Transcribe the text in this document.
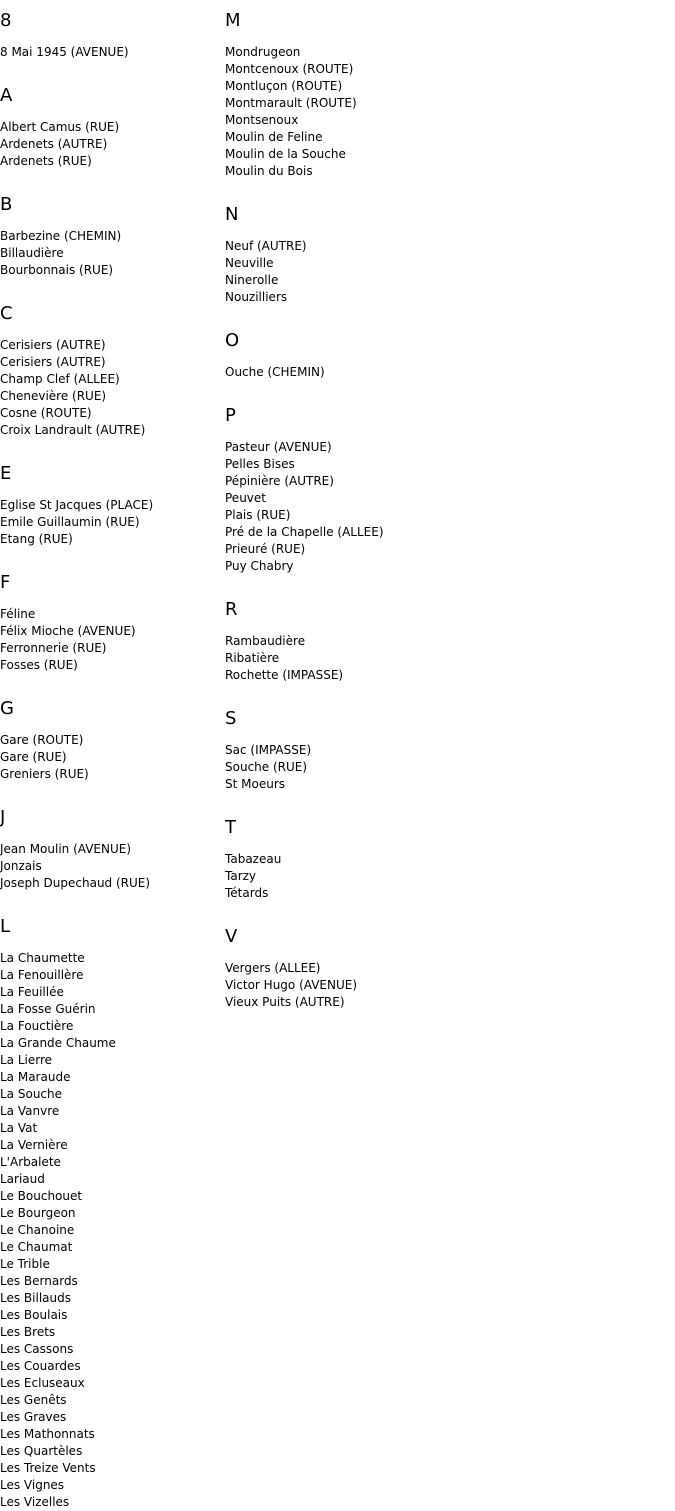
8
8 Mai 1945 (AVENUE)
A
Albert Camus (RUE)
Ardenets (AUTRE)
Ardenets (RUE)
B
Barbezine (CHEMIN)
Billaudière
Bourbonnais (RUE)
C
Cerisiers (AUTRE)
Cerisiers (AUTRE)
Champ Clef (ALLEE)
Chenevière (RUE)
Cosne (ROUTE)
Croix Landrault (AUTRE)
E
Eglise St Jacques (PLACE)
Emile Guillaumin (RUE)
Etang (RUE)
F
Féline
Félix Mioche (AVENUE)
Ferronnerie (RUE)
Fosses (RUE)
G
Gare (ROUTE)
Gare (RUE)
Greniers (RUE)
J
Jean Moulin (AVENUE)
Jonzais
Joseph Dupechaud (RUE)
L
La Chaumette
La Fenouillère
La Feuillée
La Fosse Guérin
La Fouctière
La Grande Chaume
La Lierre
La Maraude
La Souche
La Vanvre
La Vat
La Vernière
L'Arbalete
Lariaud
Le Bouchouet
Le Bourgeon
Le Chanoine
Le Chaumat
Le Trible
Les Bernards
Les Billauds
Les Boulais
Les Brets
Les Cassons
Les Couardes
Les Ecluseaux
Les Genêts
Les Graves
Les Mathonnats
Les Quartèles
Les Treize Vents
Les Vignes
Les Vizelles
M
Mondrugeon
Montcenoux (ROUTE)
Montluçon (ROUTE)
Montmarault (ROUTE)
Montsenoux
Moulin de Feline
Moulin de la Souche
Moulin du Bois
N
Neuf (AUTRE)
Neuville
Ninerolle
Nouzilliers
O
Ouche (CHEMIN)
P
Pasteur (AVENUE)
Pelles Bises
Pépinière (AUTRE)
Peuvet
Plais (RUE)
Pré de la Chapelle (ALLEE)
Prieuré (RUE)
Puy Chabry
R
Rambaudière
Ribatière
Rochette (IMPASSE)
S
Sac (IMPASSE)
Souche (RUE)
St Moeurs
T
Tabazeau
Tarzy
Tétards
V
Vergers (ALLEE)
Victor Hugo (AVENUE)
Vieux Puits (AUTRE)
